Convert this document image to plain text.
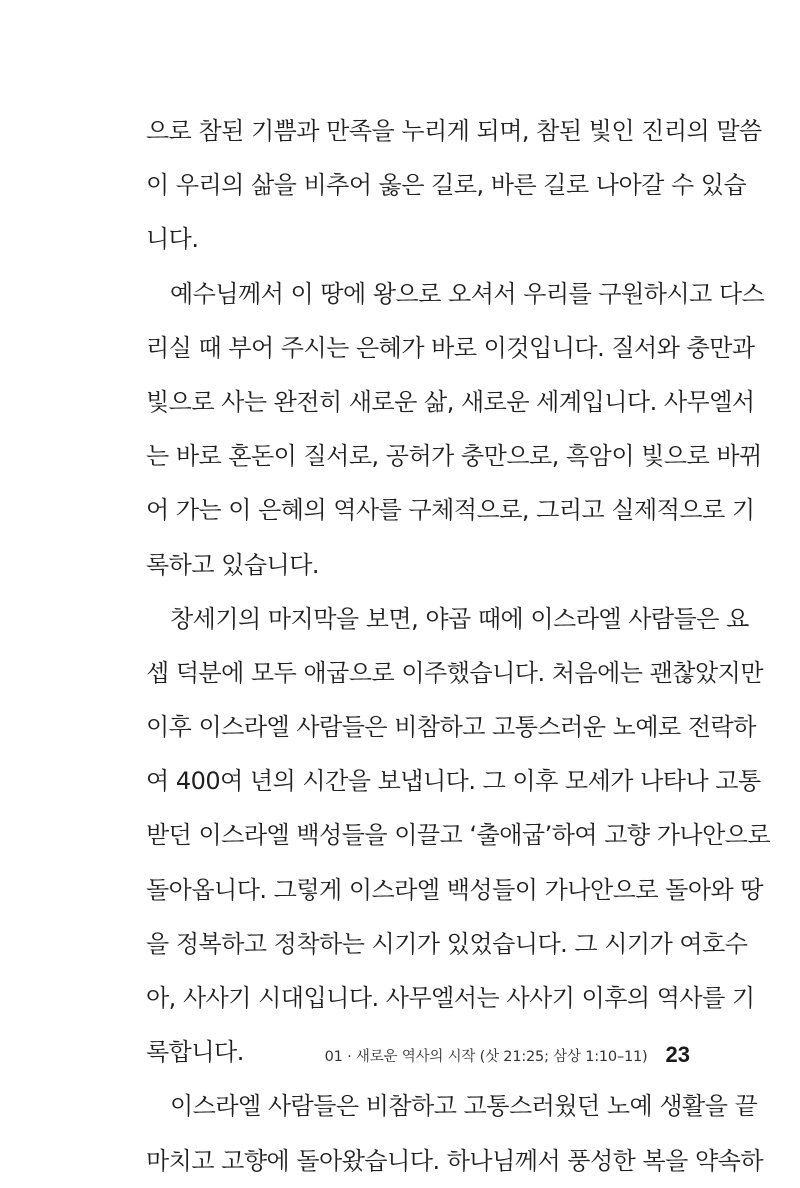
으로 참된 기쁨과 만족을 누리게 되며, 참된 빛인 진리의 말씀
이 우리의 삶을 비추어 옳은 길로, 바른 길로 나아갈 수 있습
니다.

예수님께서 이 땅에 왕으로 오셔서 우리를 구원하시고 다스
리실 때 부어 주시는 은혜가 바로 이것입니다. 질서와 충만과
빛으로 사는 완전히 새로운 삶, 새로운 세계입니다. 사무엘서
는 바로 혼돈이 질서로, 공허가 충만으로, 흑암이 빛으로 바뀌
어 가는 이 은혜의 역사를 구체적으로, 그리고 실제적으로 기
록하고 있습니다.

창세기의 마지막을 보면, 야곱 때에 이스라엘 사람들은 요
셉 덕분에 모두 애굽으로 이주했습니다. 처음에는 괜찮았지만
이후 이스라엘 사람들은 비참하고 고통스러운 노예로 전락하
여 400여 년의 시간을 보냅니다. 그 이후 모세가 나타나 고통
받던 이스라엘 백성들을 이끌고 ‘출애굽’하여 고향 가나안으로
돌아옵니다. 그렇게 이스라엘 백성들이 가나안으로 돌아와 땅
을 정복하고 정착하는 시기가 있었습니다. 그 시기가 여호수
아, 사사기 시대입니다. 사무엘서는 사사기 이후의 역사를 기
록합니다.

이스라엘 사람들은 비참하고 고통스러웠던 노예 생활을 끝
마치고 고향에 돌아왔습니다. 하나님께서 풍성한 복을 약속하

01 · 새로운 역사의 시작 (삿 21:25; 삼상 1:10–11) 23
